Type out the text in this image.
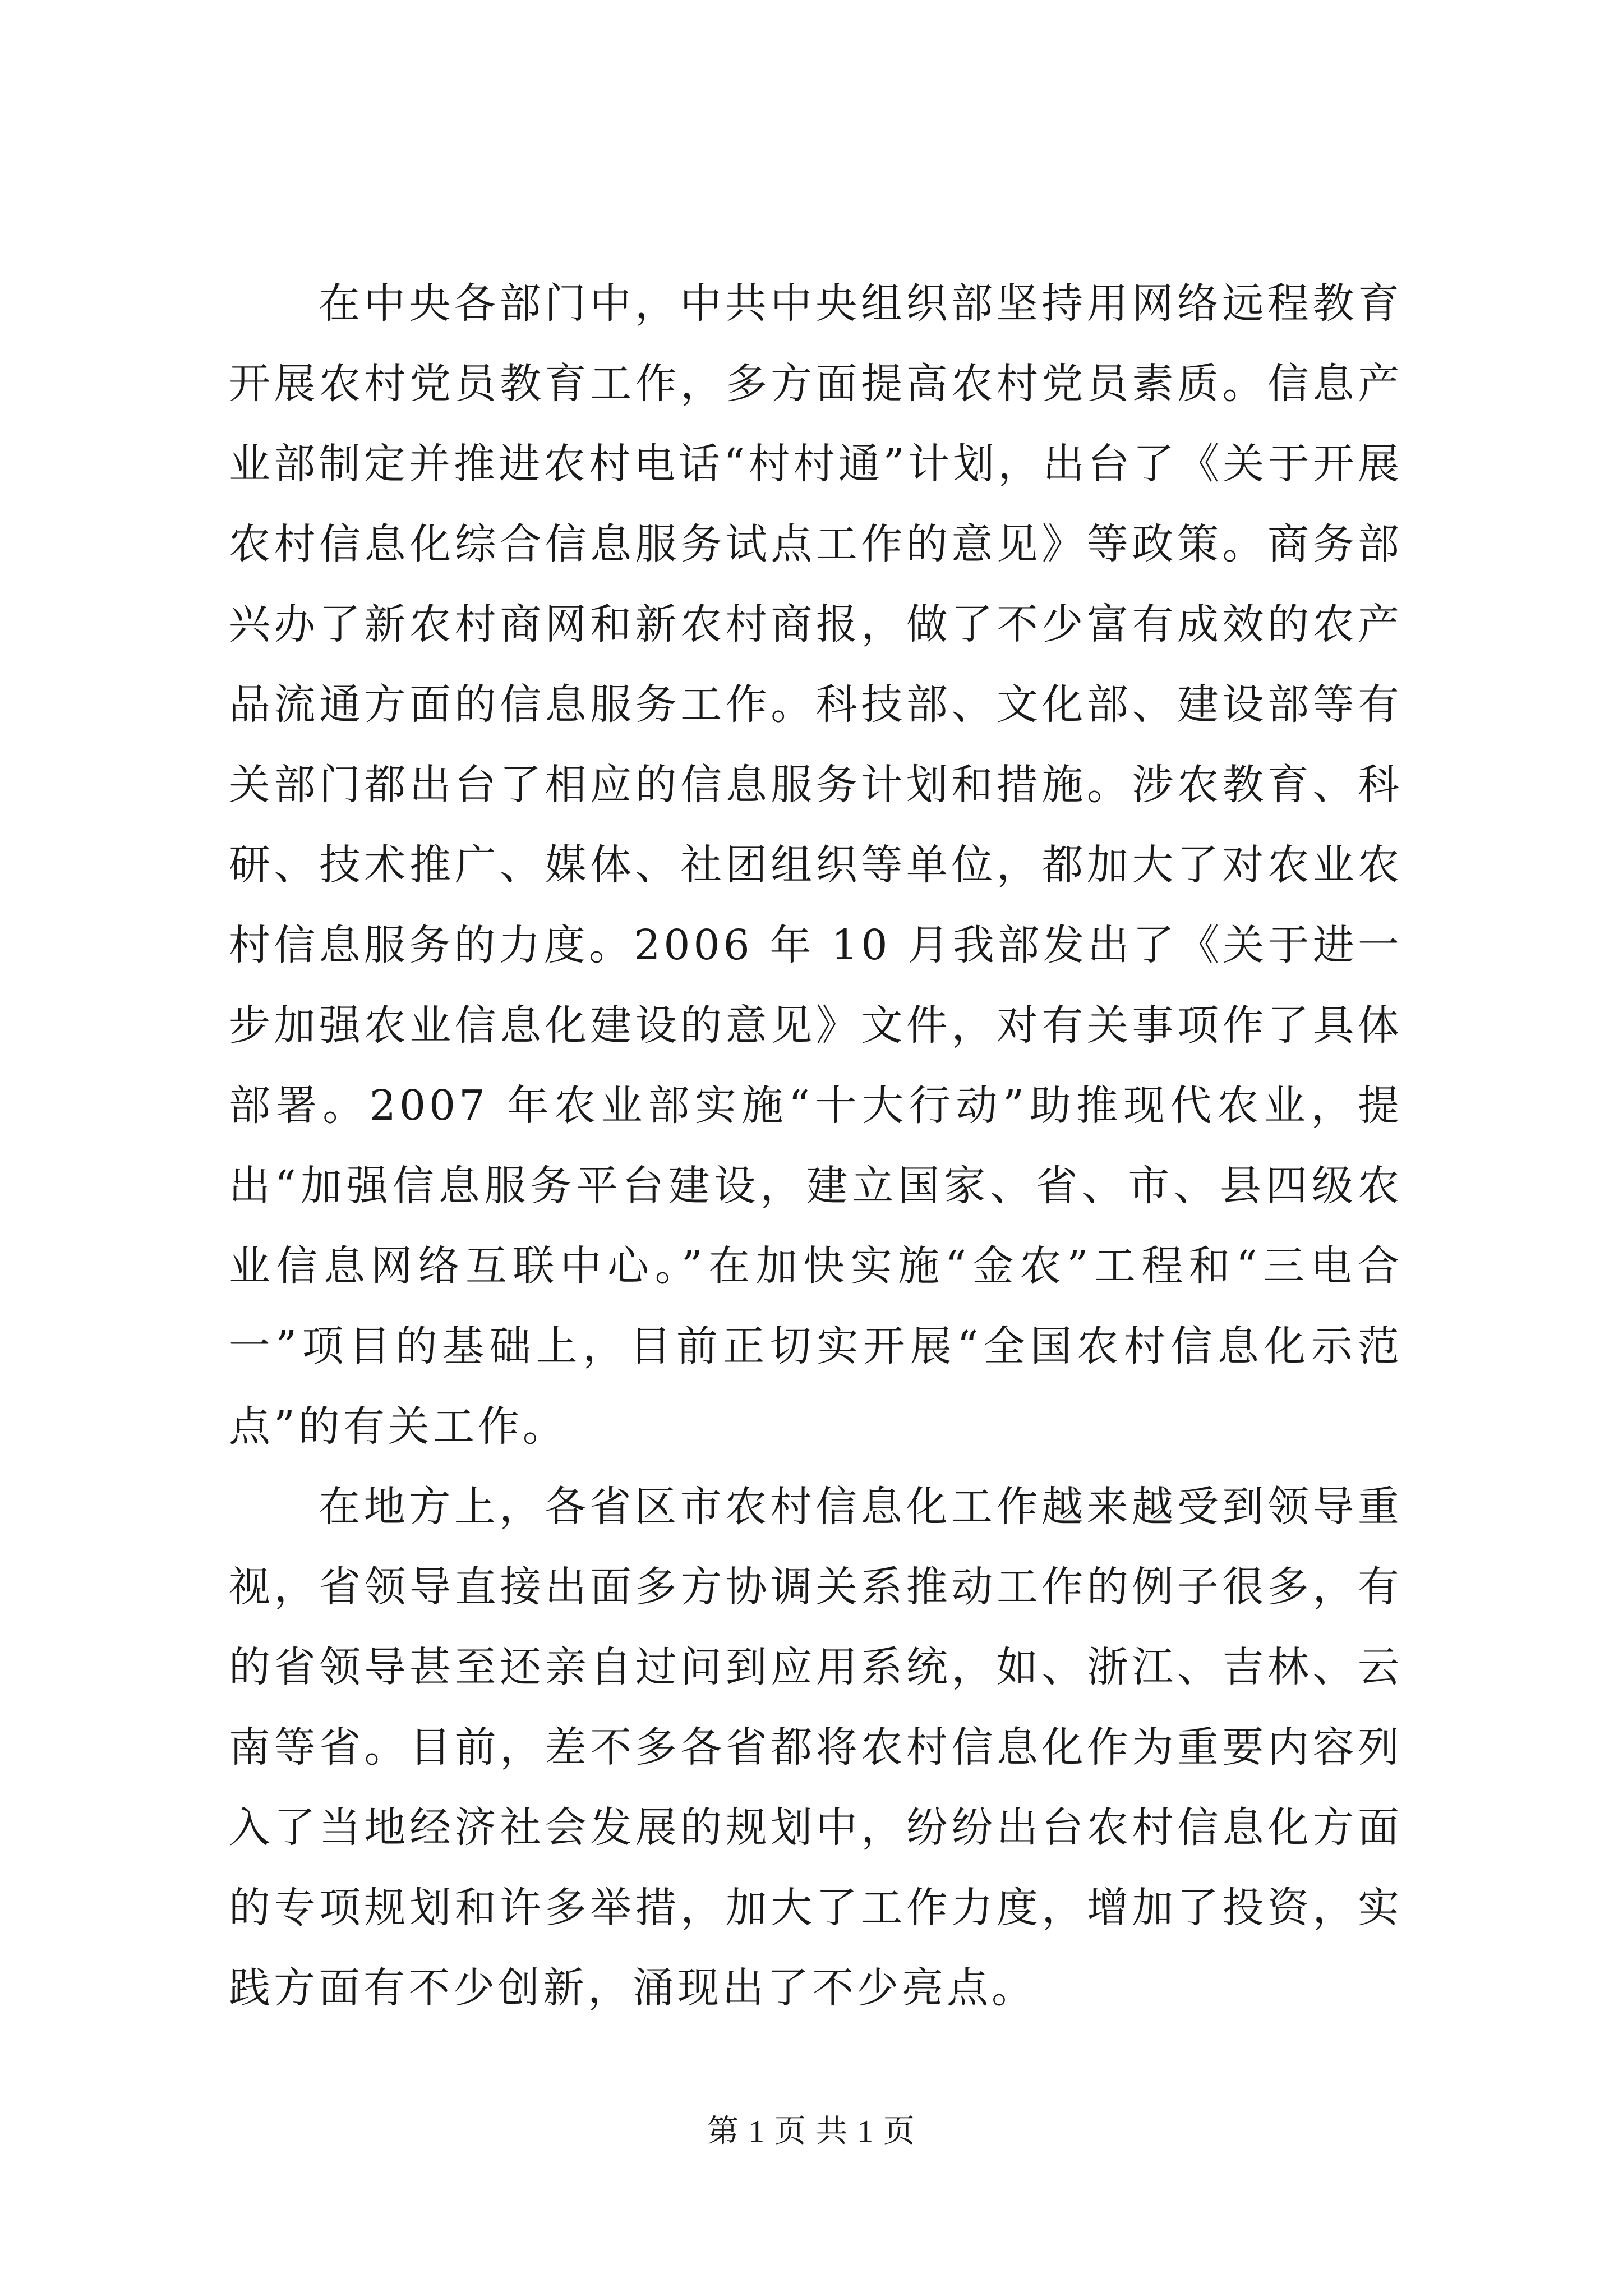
在中央各部门中，中共中央组织部坚持用网络远程教育开展农村党员教育工作，多方面提高农村党员素质。信息产业部制定并推进农村电话“村村通”计划，出台了《关于开展农村信息化综合信息服务试点工作的意见》等政策。商务部兴办了新农村商网和新农村商报，做了不少富有成效的农产品流通方面的信息服务工作。科技部、文化部、建设部等有关部门都出台了相应的信息服务计划和措施。涉农教育、科研、技术推广、媒体、社团组织等单位，都加大了对农业农村信息服务的力度。2006 年 10 月我部发出了《关于进一步加强农业信息化建设的意见》文件，对有关事项作了具体部署。2007 年农业部实施“十大行动”助推现代农业，提出“加强信息服务平台建设，建立国家、省、市、县四级农业信息网络互联中心。”在加快实施“金农”工程和“三电合一”项目的基础上，目前正切实开展“全国农村信息化示范点”的有关工作。

在地方上，各省区市农村信息化工作越来越受到领导重视，省领导直接出面多方协调关系推动工作的例子很多，有的省领导甚至还亲自过问到应用系统，如、浙江、吉林、云南等省。目前，差不多各省都将农村信息化作为重要内容列入了当地经济社会发展的规划中，纷纷出台农村信息化方面的专项规划和许多举措，加大了工作力度，增加了投资，实践方面有不少创新，涌现出了不少亮点。

第 1 页 共 1 页
